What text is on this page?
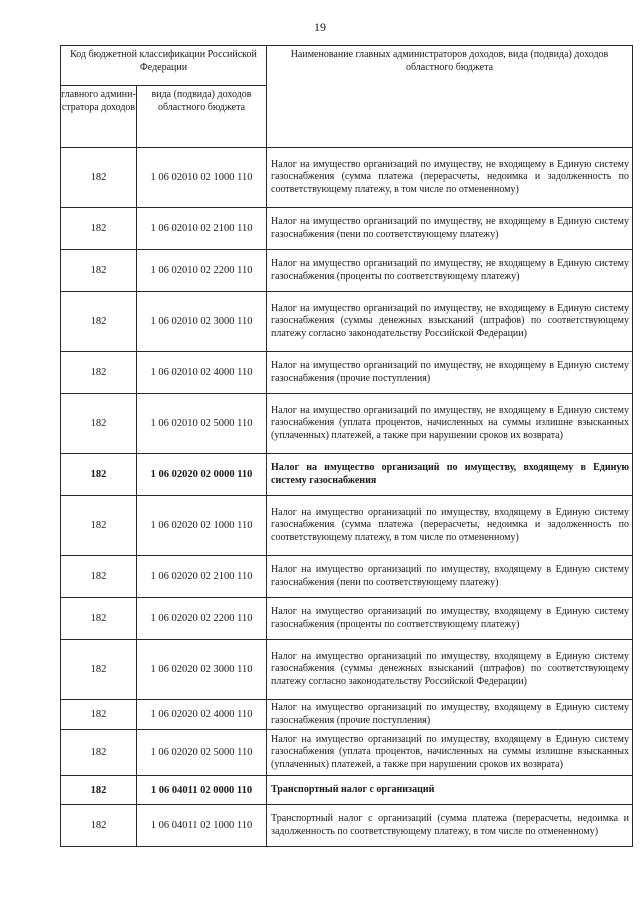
19
Код бюджетной классификации Российской Федерации		Наименование главных администраторов доходов, вида (подвида) доходов областного бюджета
главного админи-стратора доходов	вида (подвида) доходов областного бюджета	
182	1 06 02010 02 1000 110	Налог на имущество организаций по имуществу, не входящему в Единую систему газоснабжения (сумма платежа (перерасчеты, недоимка и задолженность по соответствующему платежу, в том числе по отмененному)
182	1 06 02010 02 2100 110	Налог на имущество организаций по имуществу, не входящему в Единую систему газоснабжения (пени по соответствующему платежу)
182	1 06 02010 02 2200 110	Налог на имущество организаций по имуществу, не входящему в Единую систему газоснабжения (проценты по соответствующему платежу)
182	1 06 02010 02 3000 110	Налог на имущество организаций по имуществу, не входящему в Единую систему газоснабжения (суммы денежных взысканий (штрафов) по соответствующему платежу согласно законодательству Российской Федерации)
182	1 06 02010 02 4000 110	Налог на имущество организаций по имуществу, не входящему в Единую систему газоснабжения (прочие поступления)
182	1 06 02010 02 5000 110	Налог на имущество организаций по имуществу, не входящему в Единую систему газоснабжения (уплата процентов, начисленных на суммы излишне взысканных (уплаченных) платежей, а также при нарушении сроков их возврата)
182	1 06 02020 02 0000 110	Налог на имущество организаций по имуществу, входящему в Единую систему газоснабжения
182	1 06 02020 02 1000 110	Налог на имущество организаций по имуществу, входящему в Единую систему газоснабжения (сумма платежа (перерасчеты, недоимка и задолженность по соответствующему платежу, в том числе по отмененному)
182	1 06 02020 02 2100 110	Налог на имущество организаций по имуществу, входящему в Единую систему газоснабжения (пени по соответствующему платежу)
182	1 06 02020 02 2200 110	Налог на имущество организаций по имуществу, входящему в Единую систему газоснабжения (проценты по соответствующему платежу)
182	1 06 02020 02 3000 110	Налог на имущество организаций по имуществу, входящему в Единую систему газоснабжения (суммы денежных взысканий (штрафов) по соответствующему платежу согласно законодательству Российской Федерации)
182	1 06 02020 02 4000 110	Налог на имущество организаций по имуществу, входящему в Единую систему газоснабжения (прочие поступления)
182	1 06 02020 02 5000 110	Налог на имущество организаций по имуществу, входящему в Единую систему газоснабжения (уплата процентов, начисленных на суммы излишне взысканных (уплаченных) платежей, а также при нарушении сроков их возврата)
182	1 06 04011 02 0000 110	Транспортный налог с организаций
182	1 06 04011 02 1000 110	Транспортный налог с организаций (сумма платежа (перерасчеты, недоимка и задолженность по соответствующему платежу, в том числе по отмененному)
